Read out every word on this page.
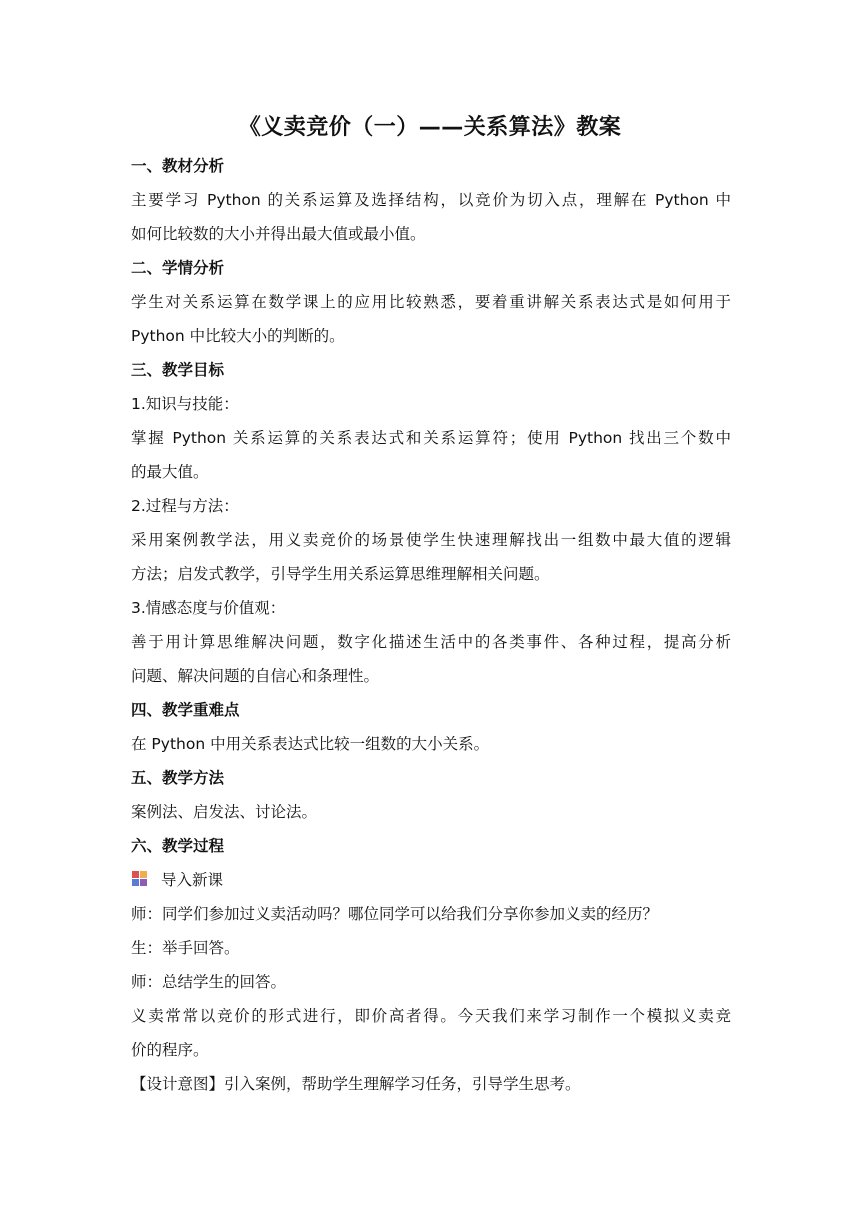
《义卖竞价（一）——关系算法》教案
一、教材分析
主要学习 Python 的关系运算及选择结构，以竞价为切入点，理解在 Python 中
如何比较数的大小并得出最大值或最小值。
二、学情分析
学生对关系运算在数学课上的应用比较熟悉，要着重讲解关系表达式是如何用于
Python 中比较大小的判断的。
三、教学目标
1.知识与技能：
掌握 Python 关系运算的关系表达式和关系运算符；使用 Python 找出三个数中
的最大值。
2.过程与方法：
采用案例教学法，用义卖竞价的场景使学生快速理解找出一组数中最大值的逻辑
方法；启发式教学，引导学生用关系运算思维理解相关问题。
3.情感态度与价值观：
善于用计算思维解决问题，数字化描述生活中的各类事件、各种过程，提高分析
问题、解决问题的自信心和条理性。
四、教学重难点
在 Python 中用关系表达式比较一组数的大小关系。
五、教学方法
案例法、启发法、讨论法。
六、教学过程
导入新课
师：同学们参加过义卖活动吗？哪位同学可以给我们分享你参加义卖的经历？
生：举手回答。
师：总结学生的回答。
义卖常常以竞价的形式进行，即价高者得。今天我们来学习制作一个模拟义卖竞
价的程序。
【设计意图】引入案例，帮助学生理解学习任务，引导学生思考。
